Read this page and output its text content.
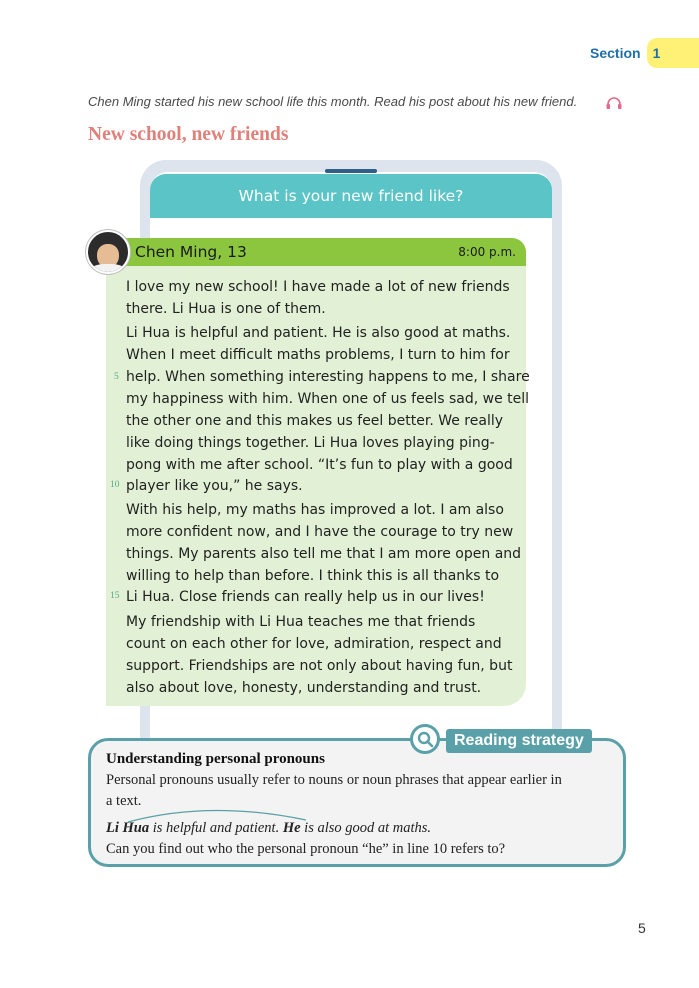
Section 1
Chen Ming started his new school life this month. Read his post about his new friend.
New school, new friends
What is your new friend like?
Chen Ming, 13	8:00 p.m.
I love my new school! I have made a lot of new friends
there. Li Hua is one of them.
Li Hua is helpful and patient. He is also good at maths.
When I meet difficult maths problems, I turn to him for
help. When something interesting happens to me, I share
my happiness with him. When one of us feels sad, we tell
the other one and this makes us feel better. We really
like doing things together. Li Hua loves playing ping-
pong with me after school. “It’s fun to play with a good
player like you,” he says.
With his help, my maths has improved a lot. I am also
more confident now, and I have the courage to try new
things. My parents also tell me that I am more open and
willing to help than before. I think this is all thanks to
Li Hua. Close friends can really help us in our lives!
My friendship with Li Hua teaches me that friends
count on each other for love, admiration, respect and
support. Friendships are not only about having fun, but
also about love, honesty, understanding and trust.
5
10
15
Reading strategy
Understanding personal pronouns
Personal pronouns usually refer to nouns or noun phrases that appear earlier in
a text.
Li Hua is helpful and patient. He is also good at maths.
Can you find out who the personal pronoun “he” in line 10 refers to?
5
